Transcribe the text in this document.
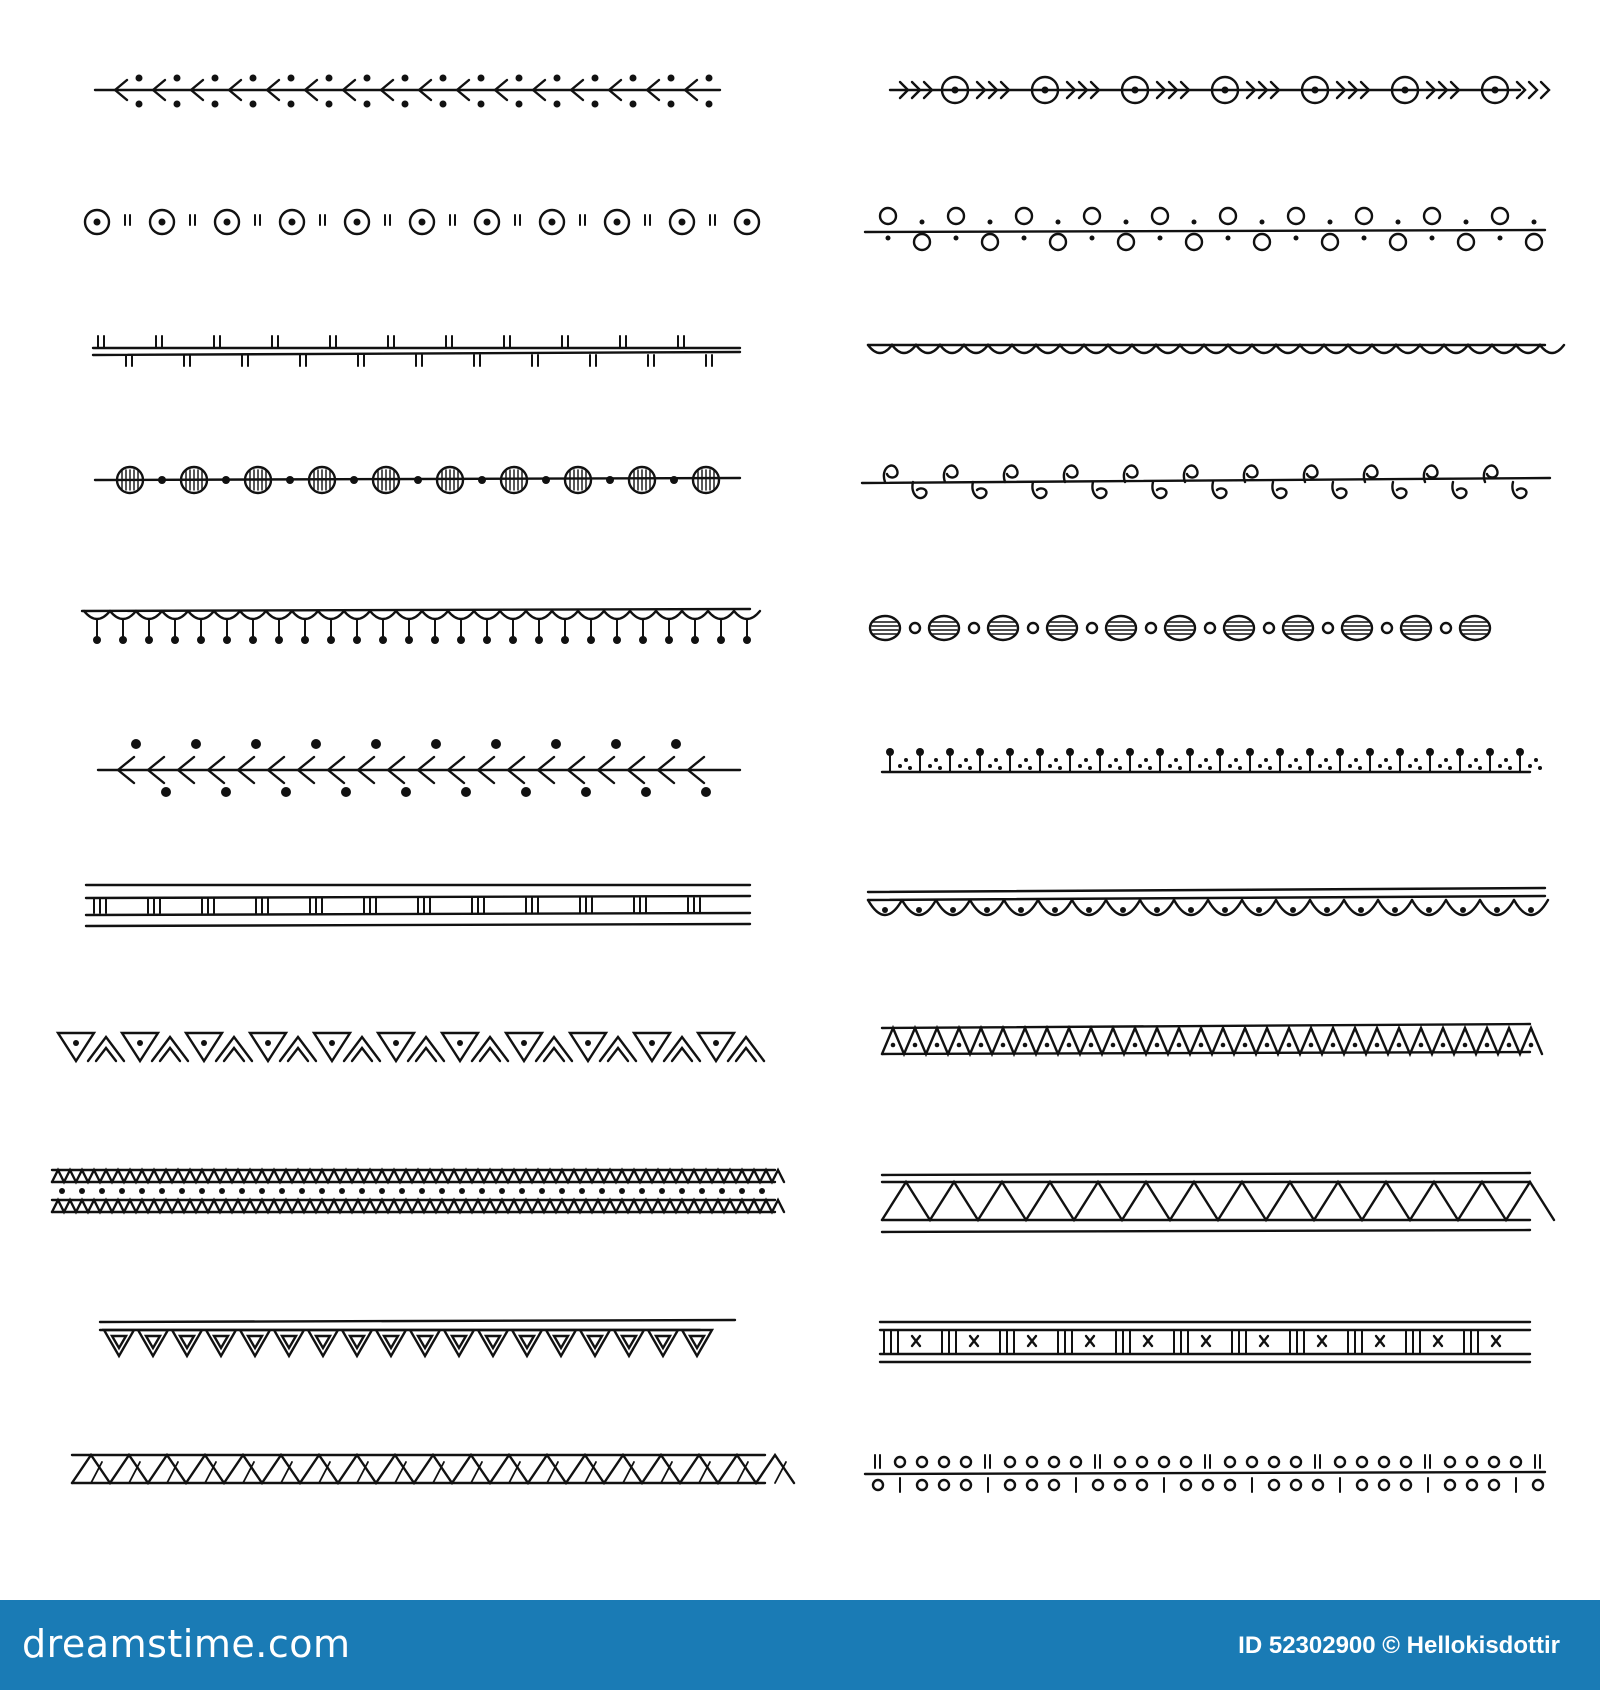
dreamstime.com	ID 52302900 © Hellokisdottir
